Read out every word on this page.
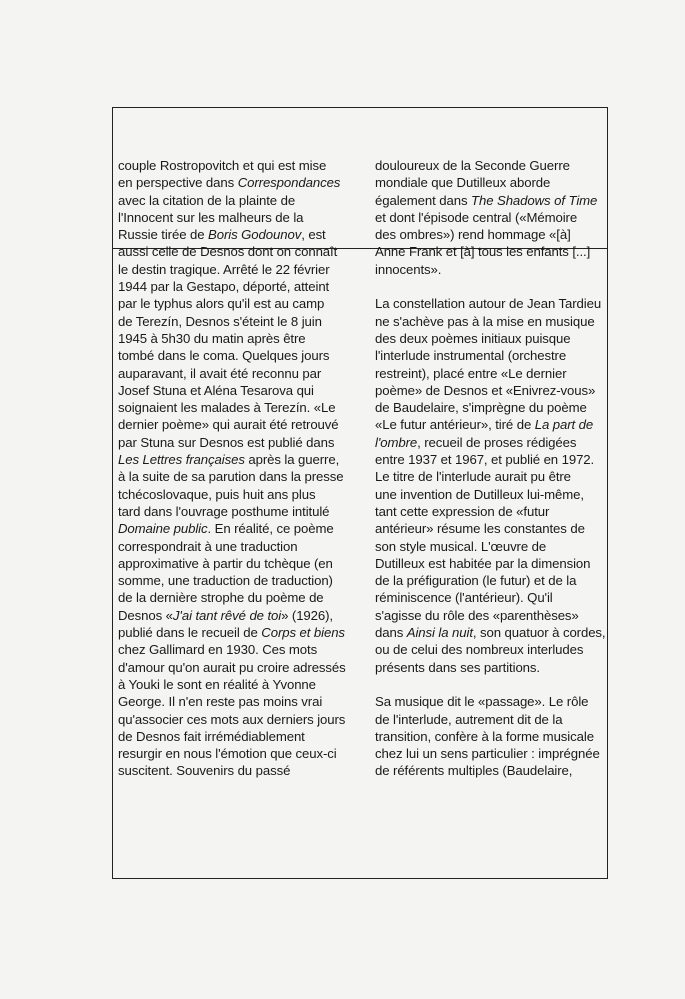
couple Rostropovitch et qui est mise
en perspective dans Correspondances
avec la citation de la plainte de
l'Innocent sur les malheurs de la
Russie tirée de Boris Godounov, est
aussi celle de Desnos dont on connaît
le destin tragique. Arrêté le 22 février
1944 par la Gestapo, déporté, atteint
par le typhus alors qu'il est au camp
de Terezín, Desnos s'éteint le 8 juin
1945 à 5h30 du matin après être
tombé dans le coma. Quelques jours
auparavant, il avait été reconnu par
Josef Stuna et Aléna Tesarova qui
soignaient les malades à Terezín. «Le
dernier poème» qui aurait été retrouvé
par Stuna sur Desnos est publié dans
Les Lettres françaises après la guerre,
à la suite de sa parution dans la presse
tchécoslovaque, puis huit ans plus
tard dans l'ouvrage posthume intitulé
Domaine public. En réalité, ce poème
correspondrait à une traduction
approximative à partir du tchèque (en
somme, une traduction de traduction)
de la dernière strophe du poème de
Desnos «J'ai tant rêvé de toi» (1926),
publié dans le recueil de Corps et biens
chez Gallimard en 1930. Ces mots
d'amour qu'on aurait pu croire adressés
à Youki le sont en réalité à Yvonne
George. Il n'en reste pas moins vrai
qu'associer ces mots aux derniers jours
de Desnos fait irrémédiablement
resurgir en nous l'émotion que ceux-ci
suscitent. Souvenirs du passé
douloureux de la Seconde Guerre
mondiale que Dutilleux aborde
également dans The Shadows of Time
et dont l'épisode central («Mémoire
des ombres») rend hommage «[à]
Anne Frank et [à] tous les enfants [...]
innocents».
La constellation autour de Jean Tardieu
ne s'achève pas à la mise en musique
des deux poèmes initiaux puisque
l'interlude instrumental (orchestre
restreint), placé entre «Le dernier
poème» de Desnos et «Enivrez-vous»
de Baudelaire, s'imprègne du poème
«Le futur antérieur», tiré de La part de
l'ombre, recueil de proses rédigées
entre 1937 et 1967, et publié en 1972.
Le titre de l'interlude aurait pu être
une invention de Dutilleux lui-même,
tant cette expression de «futur
antérieur» résume les constantes de
son style musical. L'œuvre de
Dutilleux est habitée par la dimension
de la préfiguration (le futur) et de la
réminiscence (l'antérieur). Qu'il
s'agisse du rôle des «parenthèses»
dans Ainsi la nuit, son quatuor à cordes,
ou de celui des nombreux interludes
présents dans ses partitions.
Sa musique dit le «passage». Le rôle
de l'interlude, autrement dit de la
transition, confère à la forme musicale
chez lui un sens particulier : imprégnée
de référents multiples (Baudelaire,
